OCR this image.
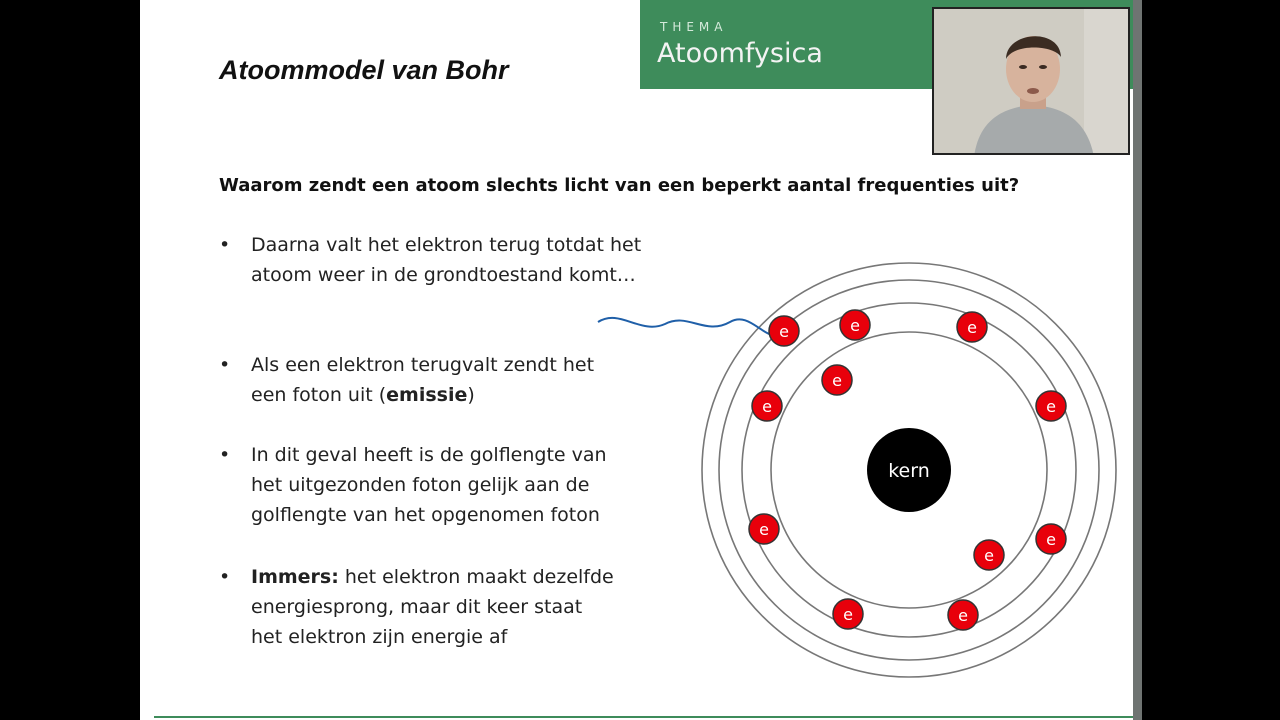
Atoommodel van Bohr
THEMA
Atoomfysica

Waarom zendt een atoom slechts licht van een beperkt aantal frequenties uit?

•	Daarna valt het elektron terug totdat het
atoom weer in de grondtoestand komt…
•	Als een elektron terugvalt zendt het
een foton uit (emissie)
•	In dit geval heeft is de golflengte van
het uitgezonden foton gelijk aan de
golflengte van het opgenomen foton
•	Immers: het elektron maakt dezelfde
energiesprong, maar dit keer staat
het elektron zijn energie af
kern
e	e	e
e
e	e
e
e
e
e	e
